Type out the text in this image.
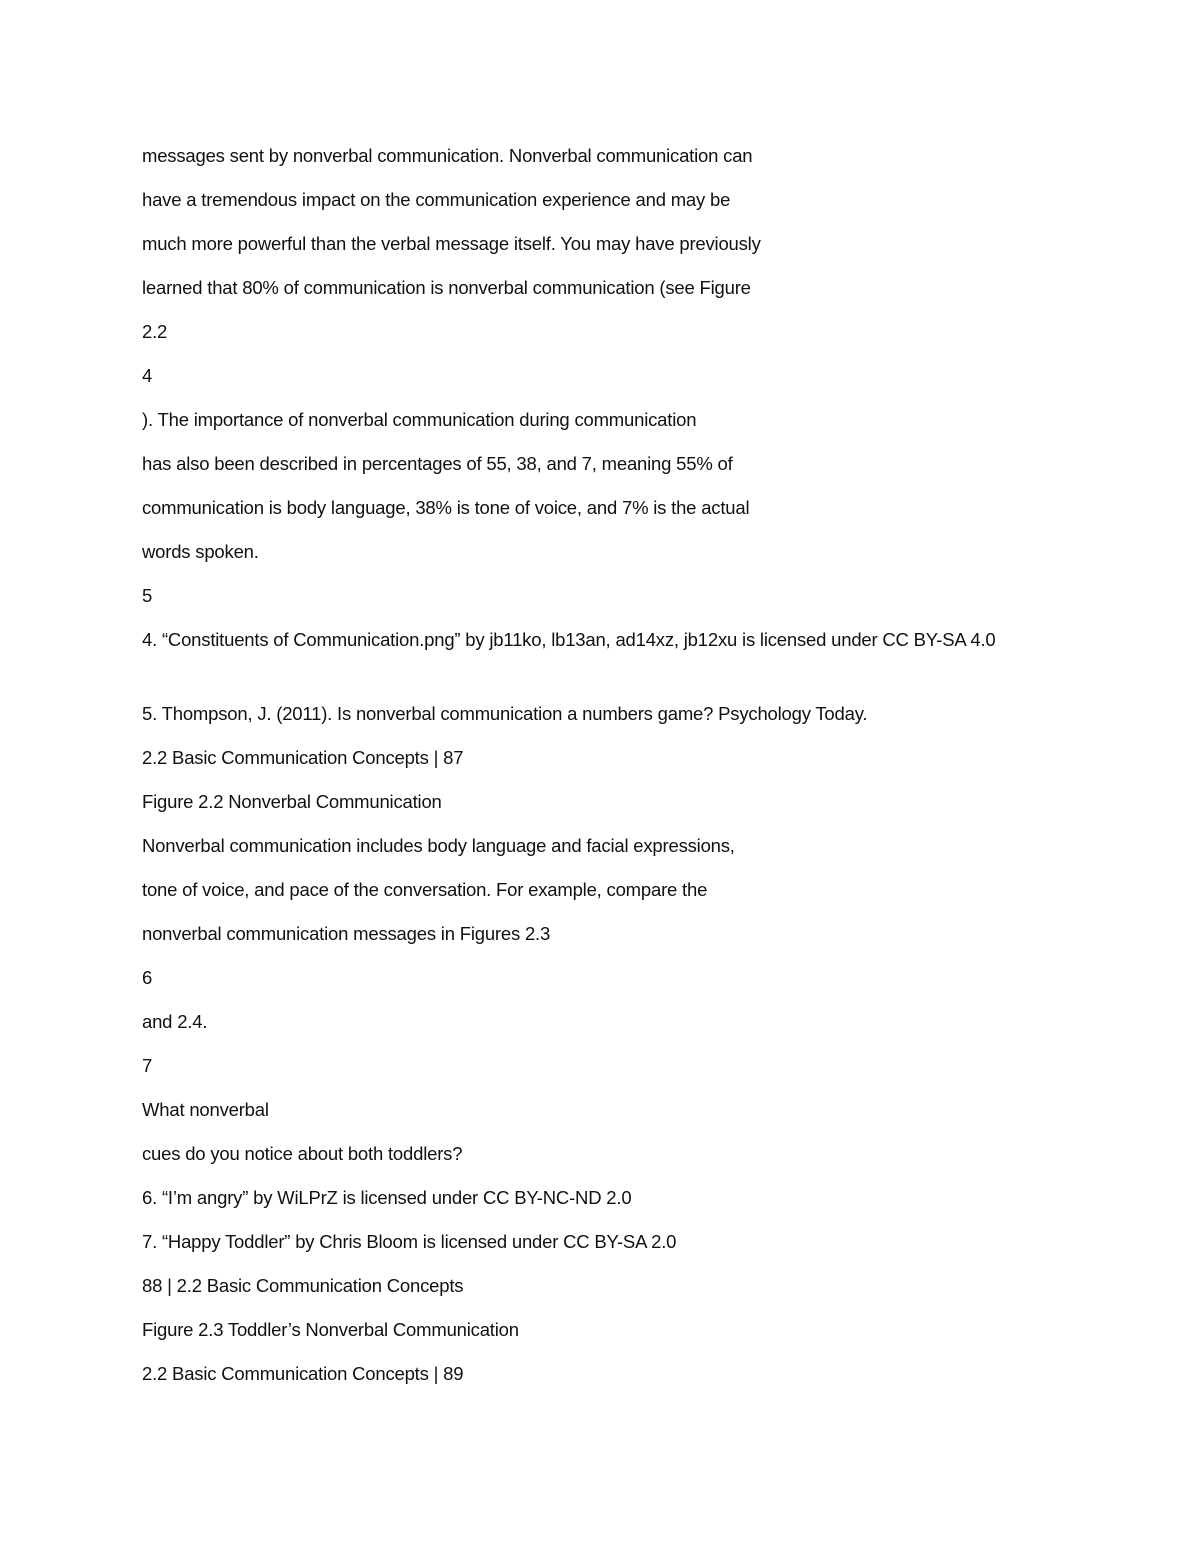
messages sent by nonverbal communication. Nonverbal communication can
have a tremendous impact on the communication experience and may be
much more powerful than the verbal message itself. You may have previously
learned that 80% of communication is nonverbal communication (see Figure
2.2
4
). The importance of nonverbal communication during communication
has also been described in percentages of 55, 38, and 7, meaning 55% of
communication is body language, 38% is tone of voice, and 7% is the actual
words spoken.
5
4. “Constituents of Communication.png” by jb11ko, lb13an, ad14xz, jb12xu is licensed under CC BY-SA 4.0
5. Thompson, J. (2011). Is nonverbal communication a numbers game? Psychology Today.
2.2 Basic Communication Concepts | 87
Figure 2.2 Nonverbal Communication
Nonverbal communication includes body language and facial expressions,
tone of voice, and pace of the conversation. For example, compare the
nonverbal communication messages in Figures 2.3
6
and 2.4.
7
What nonverbal
cues do you notice about both toddlers?
6. “I’m angry” by WiLPrZ is licensed under CC BY-NC-ND 2.0
7. “Happy Toddler” by Chris Bloom is licensed under CC BY-SA 2.0
88 | 2.2 Basic Communication Concepts
Figure 2.3 Toddler’s Nonverbal Communication
2.2 Basic Communication Concepts | 89
